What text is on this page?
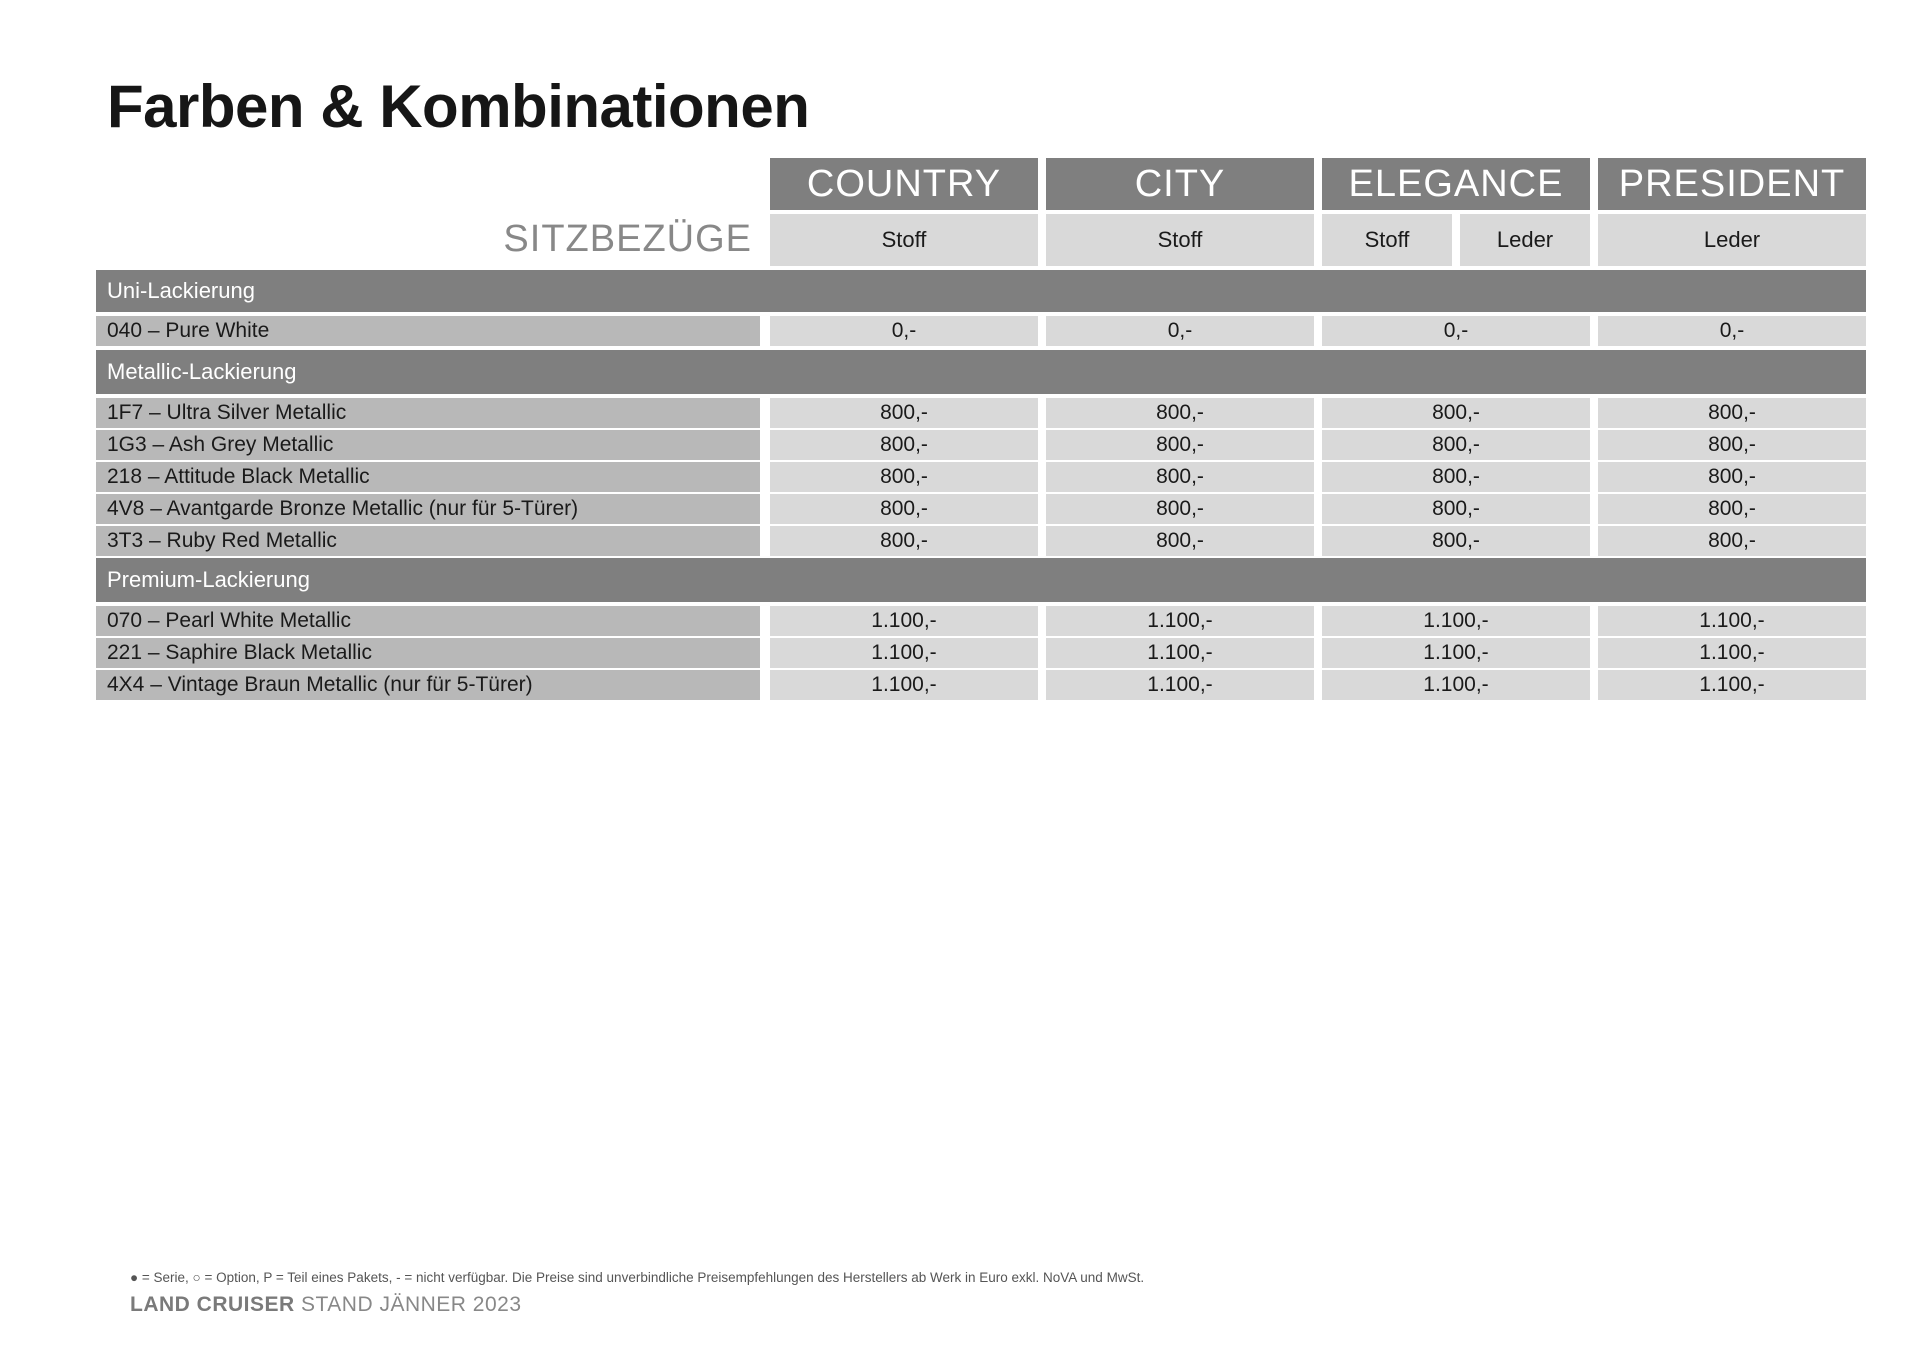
Farben & Kombinationen
SITZBEZÜGE
COUNTRY	CITY	ELEGANCE	PRESIDENT
Stoff	Stoff	Stoff	Leder	Leder
Uni-Lackierung
040 – Pure White	0,-	0,-	0,-	0,-
Metallic-Lackierung
1F7 – Ultra Silver Metallic	800,-	800,-	800,-	800,-
1G3 – Ash Grey Metallic	800,-	800,-	800,-	800,-
218 – Attitude Black Metallic	800,-	800,-	800,-	800,-
4V8 – Avantgarde Bronze Metallic (nur für 5-Türer)	800,-	800,-	800,-	800,-
3T3 – Ruby Red Metallic	800,-	800,-	800,-	800,-
Premium-Lackierung
070 – Pearl White Metallic	1.100,-	1.100,-	1.100,-	1.100,-
221 – Saphire Black Metallic	1.100,-	1.100,-	1.100,-	1.100,-
4X4 – Vintage Braun Metallic (nur für 5-Türer)	1.100,-	1.100,-	1.100,-	1.100,-
● = Serie, ○ = Option, P = Teil eines Pakets, - = nicht verfügbar. Die Preise sind unverbindliche Preisempfehlungen des Herstellers ab Werk in Euro exkl. NoVA und MwSt.
LAND CRUISER STAND JÄNNER 2023
